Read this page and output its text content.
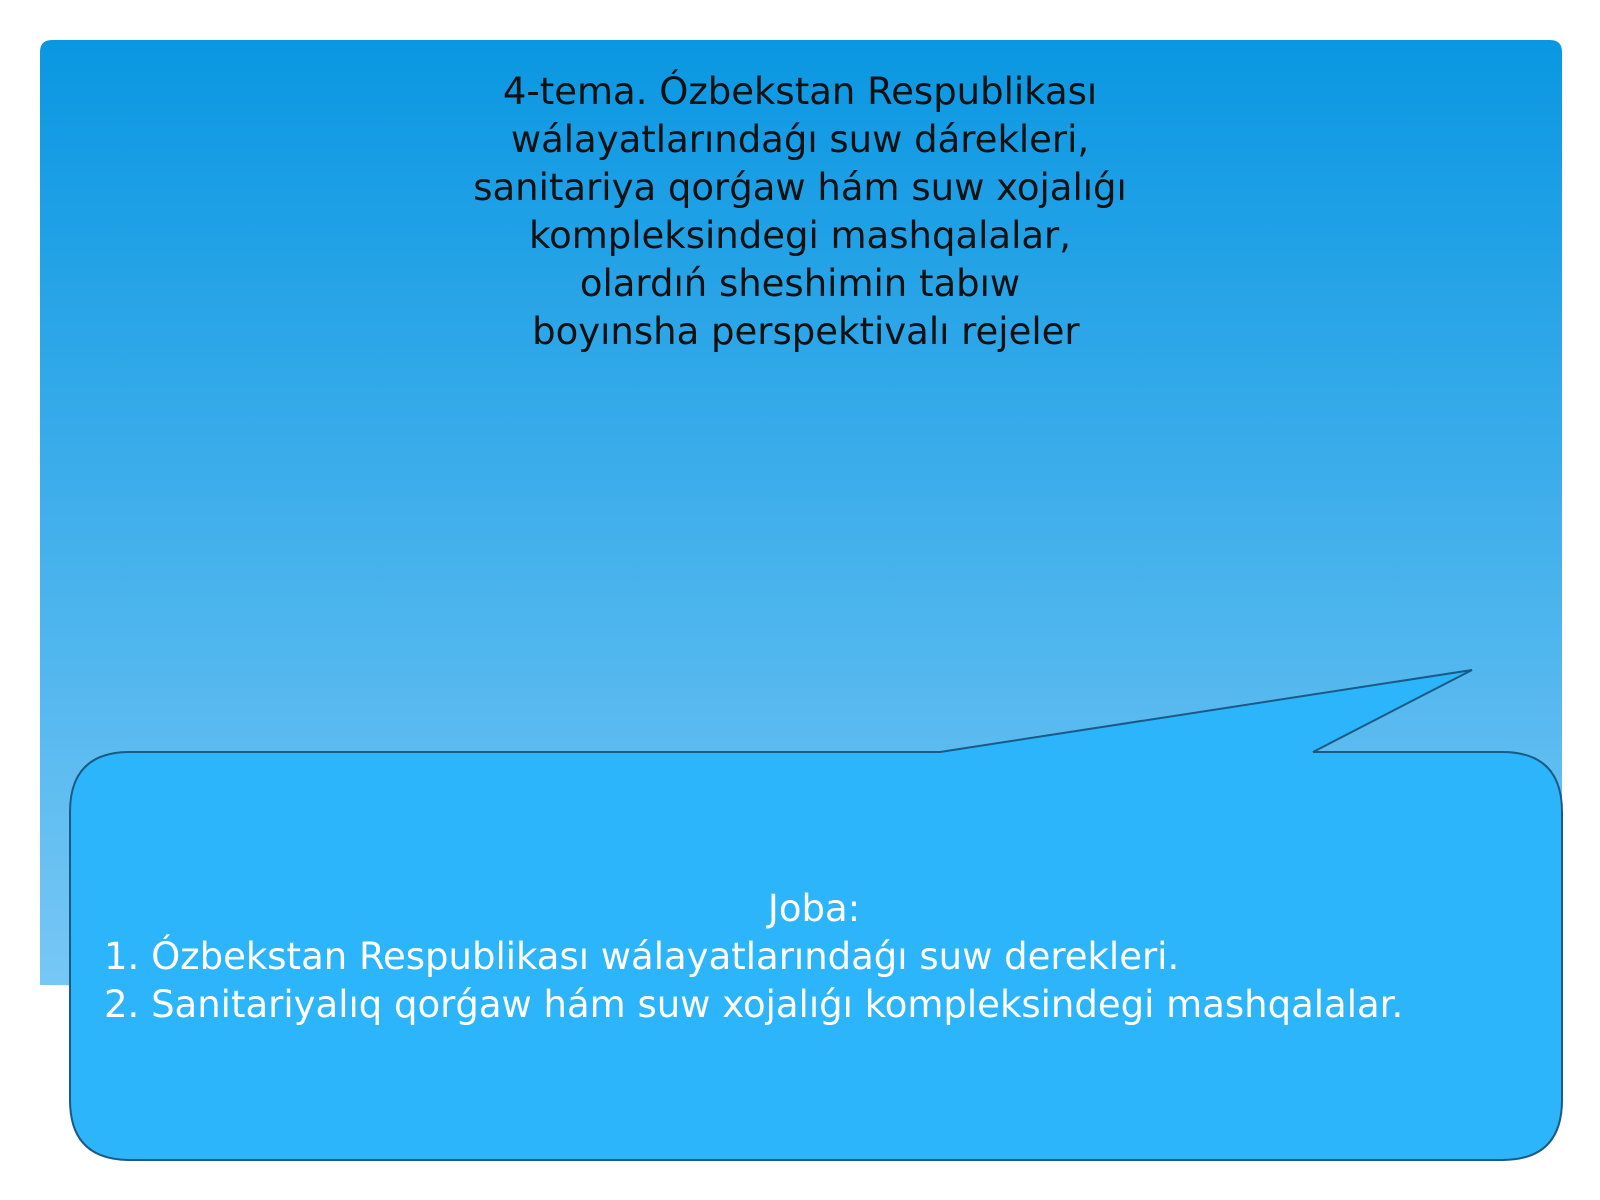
4-tema. Ózbekstan Respublikası
wálayatlarındaǵı suw dárekleri,
sanitariya qorǵaw hám suw xojalıǵı
kompleksindegi mashqalalar,
olardıń sheshimin tabıw
boyınsha perspektivalı rejeler
Joba:
1. Ózbekstan Respublikası wálayatlarındaǵı suw derekleri.
2. Sanitariyalıq qorǵaw hám suw xojalıǵı kompleksindegi mashqalalar.
